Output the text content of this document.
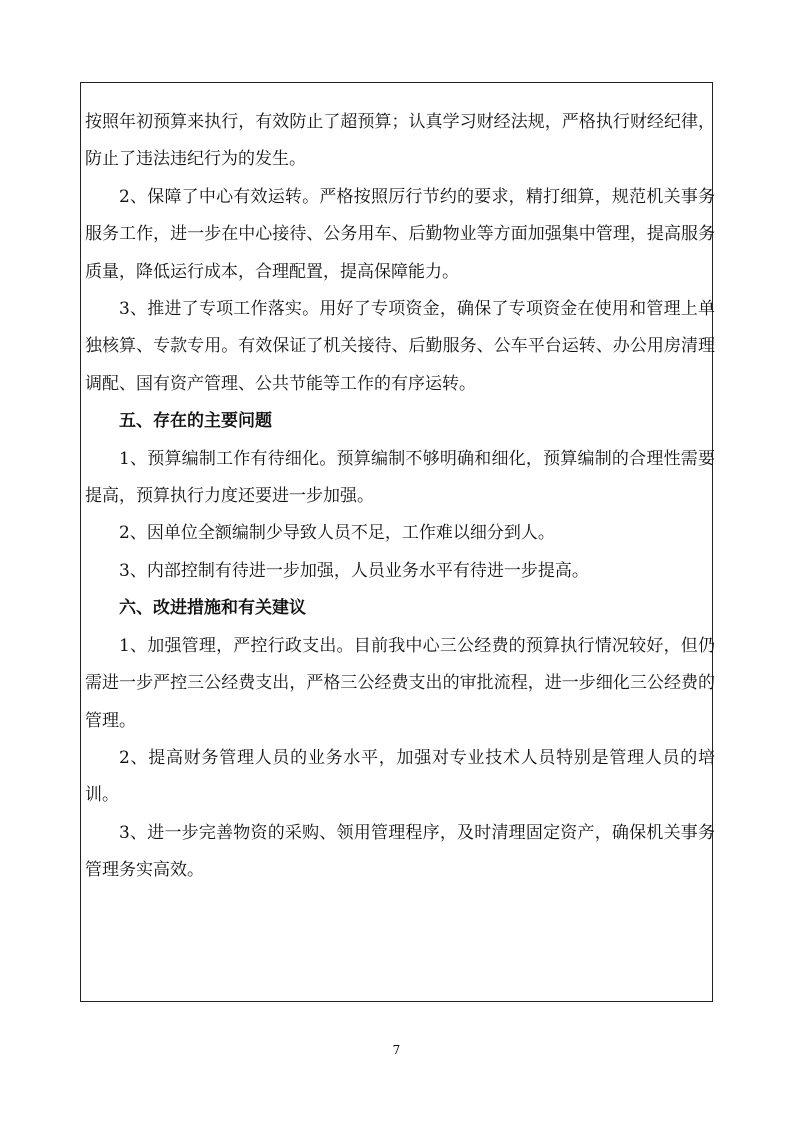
按照年初预算来执行，有效防止了超预算；认真学习财经法规，严格执行财经纪律，防止了违法违纪行为的发生。

2、保障了中心有效运转。严格按照厉行节约的要求，精打细算，规范机关事务服务工作，进一步在中心接待、公务用车、后勤物业等方面加强集中管理，提高服务质量，降低运行成本，合理配置，提高保障能力。

3、推进了专项工作落实。用好了专项资金，确保了专项资金在使用和管理上单独核算、专款专用。有效保证了机关接待、后勤服务、公车平台运转、办公用房清理调配、国有资产管理、公共节能等工作的有序运转。

五、存在的主要问题

1、预算编制工作有待细化。预算编制不够明确和细化，预算编制的合理性需要提高，预算执行力度还要进一步加强。

2、因单位全额编制少导致人员不足，工作难以细分到人。

3、内部控制有待进一步加强，人员业务水平有待进一步提高。

六、改进措施和有关建议

1、加强管理，严控行政支出。目前我中心三公经费的预算执行情况较好，但仍需进一步严控三公经费支出，严格三公经费支出的审批流程，进一步细化三公经费的管理。

2、提高财务管理人员的业务水平，加强对专业技术人员特别是管理人员的培训。

3、进一步完善物资的采购、领用管理程序，及时清理固定资产，确保机关事务管理务实高效。

7
